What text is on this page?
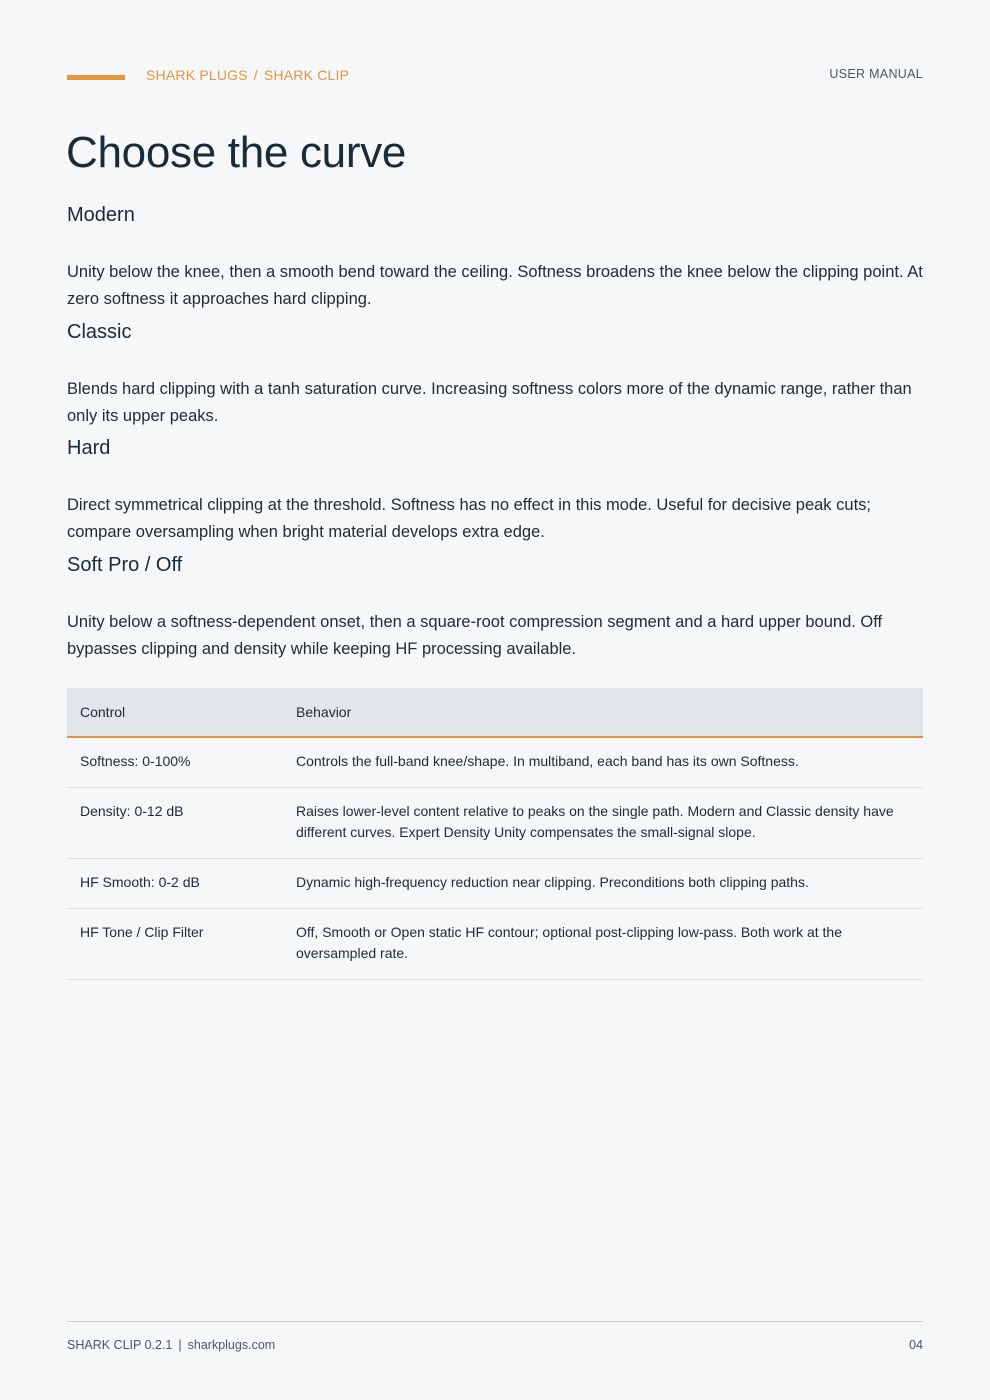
SHARK PLUGS / SHARK CLIP	USER MANUAL
Choose the curve
Modern

Unity below the knee, then a smooth bend toward the ceiling. Softness broadens the knee below the clipping point. At zero softness it approaches hard clipping.

Classic

Blends hard clipping with a tanh saturation curve. Increasing softness colors more of the dynamic range, rather than only its upper peaks.

Hard

Direct symmetrical clipping at the threshold. Softness has no effect in this mode. Useful for decisive peak cuts; compare oversampling when bright material develops extra edge.

Soft Pro / Off

Unity below a softness-dependent onset, then a square-root compression segment and a hard upper bound. Off bypasses clipping and density while keeping HF processing available.

Control	Behavior
Softness: 0-100%	Controls the full-band knee/shape. In multiband, each band has its own Softness.
Density: 0-12 dB	Raises lower-level content relative to peaks on the single path. Modern and Classic density have different curves. Expert Density Unity compensates the small-signal slope.
HF Smooth: 0-2 dB	Dynamic high-frequency reduction near clipping. Preconditions both clipping paths.
HF Tone / Clip Filter	Off, Smooth or Open static HF contour; optional post-clipping low-pass. Both work at the oversampled rate.
SHARK CLIP 0.2.1 | sharkplugs.com	04
